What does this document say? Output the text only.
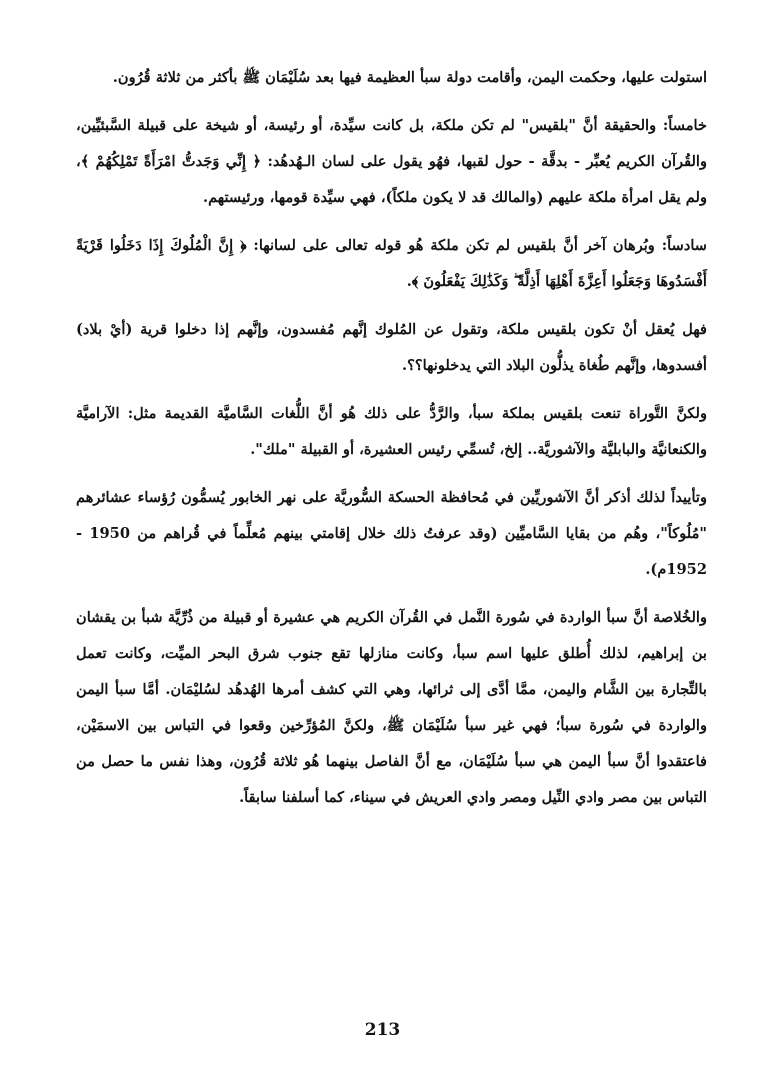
استولت عليها، وحكمت اليمن، وأقامت دولة سبأ العظيمة فيها بعد سُلَيْمَان ﷺ بأكثر من ثلاثة قُرُون.

خامساً: والحقيقة أنَّ "بلقيس" لم تكن ملكة، بل كانت سيِّدة، أو رئيسة، أو شيخة على قبيلة السَّبئيِّين، والقُرآن الكريم يُعبِّر - بدقَّة - حول لقبها، فهُو يقول على لسان الـهُدهُد: ﴿ إِنِّي وَجَدتُّ امْرَأَةً تَمْلِكُهُمْ ﴾، ولم يقل امرأة ملكة عليهم (والمالك قد لا يكون ملكاً)، فهي سيِّدة قومها، ورئيستهم.

سادساً: وبُرهان آخر أنَّ بلقيس لم تكن ملكة هُو قوله تعالى على لسانها: ﴿ إِنَّ الْمُلُوكَ إِذَا دَخَلُوا قَرْيَةً أَفْسَدُوهَا وَجَعَلُوا أَعِزَّةَ أَهْلِهَا أَذِلَّةً ۖ وَكَذَٰلِكَ يَفْعَلُونَ ﴾.

فهل يُعقل أنْ تكون بلقيس ملكة، وتقول عن المُلوك إنَّهم مُفسدون، وإنَّهم إذا دخلوا قرية (أيْ بلاد) أفسدوها، وإنَّهم طُغاة يذلُّون البلاد التي يدخلونها؟؟.

ولكنَّ التَّوراة تنعت بلقيس بملكة سبأ، والرَّدُّ على ذلك هُو أنَّ اللُّغات السَّاميَّة القديمة مثل: الآراميَّة والكنعانيَّة والبابليَّة والآشوريَّة.. إلخ، تُسمِّي رئيس العشيرة، أو القبيلة "ملك".

وتأييداً لذلك أذكر أنَّ الآشوريِّين في مُحافظة الحسكة السُّوريَّة على نهر الخابور يُسمُّون رُؤساء عشائرهم "مُلُوكاً"، وهُم من بقايا السَّاميِّين (وقد عرفتُ ذلك خلال إقامتي بينهم مُعلِّماً في قُراهم من 1950 - 1952م).

والخُلاصة أنَّ سبأ الواردة في سُورة النَّمل في القُرآن الكريم هي عشيرة أو قبيلة من ذُرِّيَّة شبأ بن يقشان بن إبراهيم، لذلك أُطلق عليها اسم سبأ، وكانت منازلها تقع جنوب شرق البحر الميِّت، وكانت تعمل بالتِّجارة بين الشَّام واليمن، ممَّا أدَّى إلى ثرائها، وهي التي كشف أمرها الهُدهُد لسُليْمَان. أمَّا سبأ اليمن والواردة في سُورة سبأ؛ فهي غير سبأ سُلَيْمَان ﷺ، ولكنَّ المُؤرِّخين وقعوا في التباس بين الاسمَيْن، فاعتقدوا أنَّ سبأ اليمن هي سبأ سُلَيْمَان، مع أنَّ الفاصل بينهما هُو ثلاثة قُرُون، وهذا نفس ما حصل من التباس بين مصر وادي النِّيل ومصر وادي العريش في سيناء، كما أسلفنا سابقاً.

213
